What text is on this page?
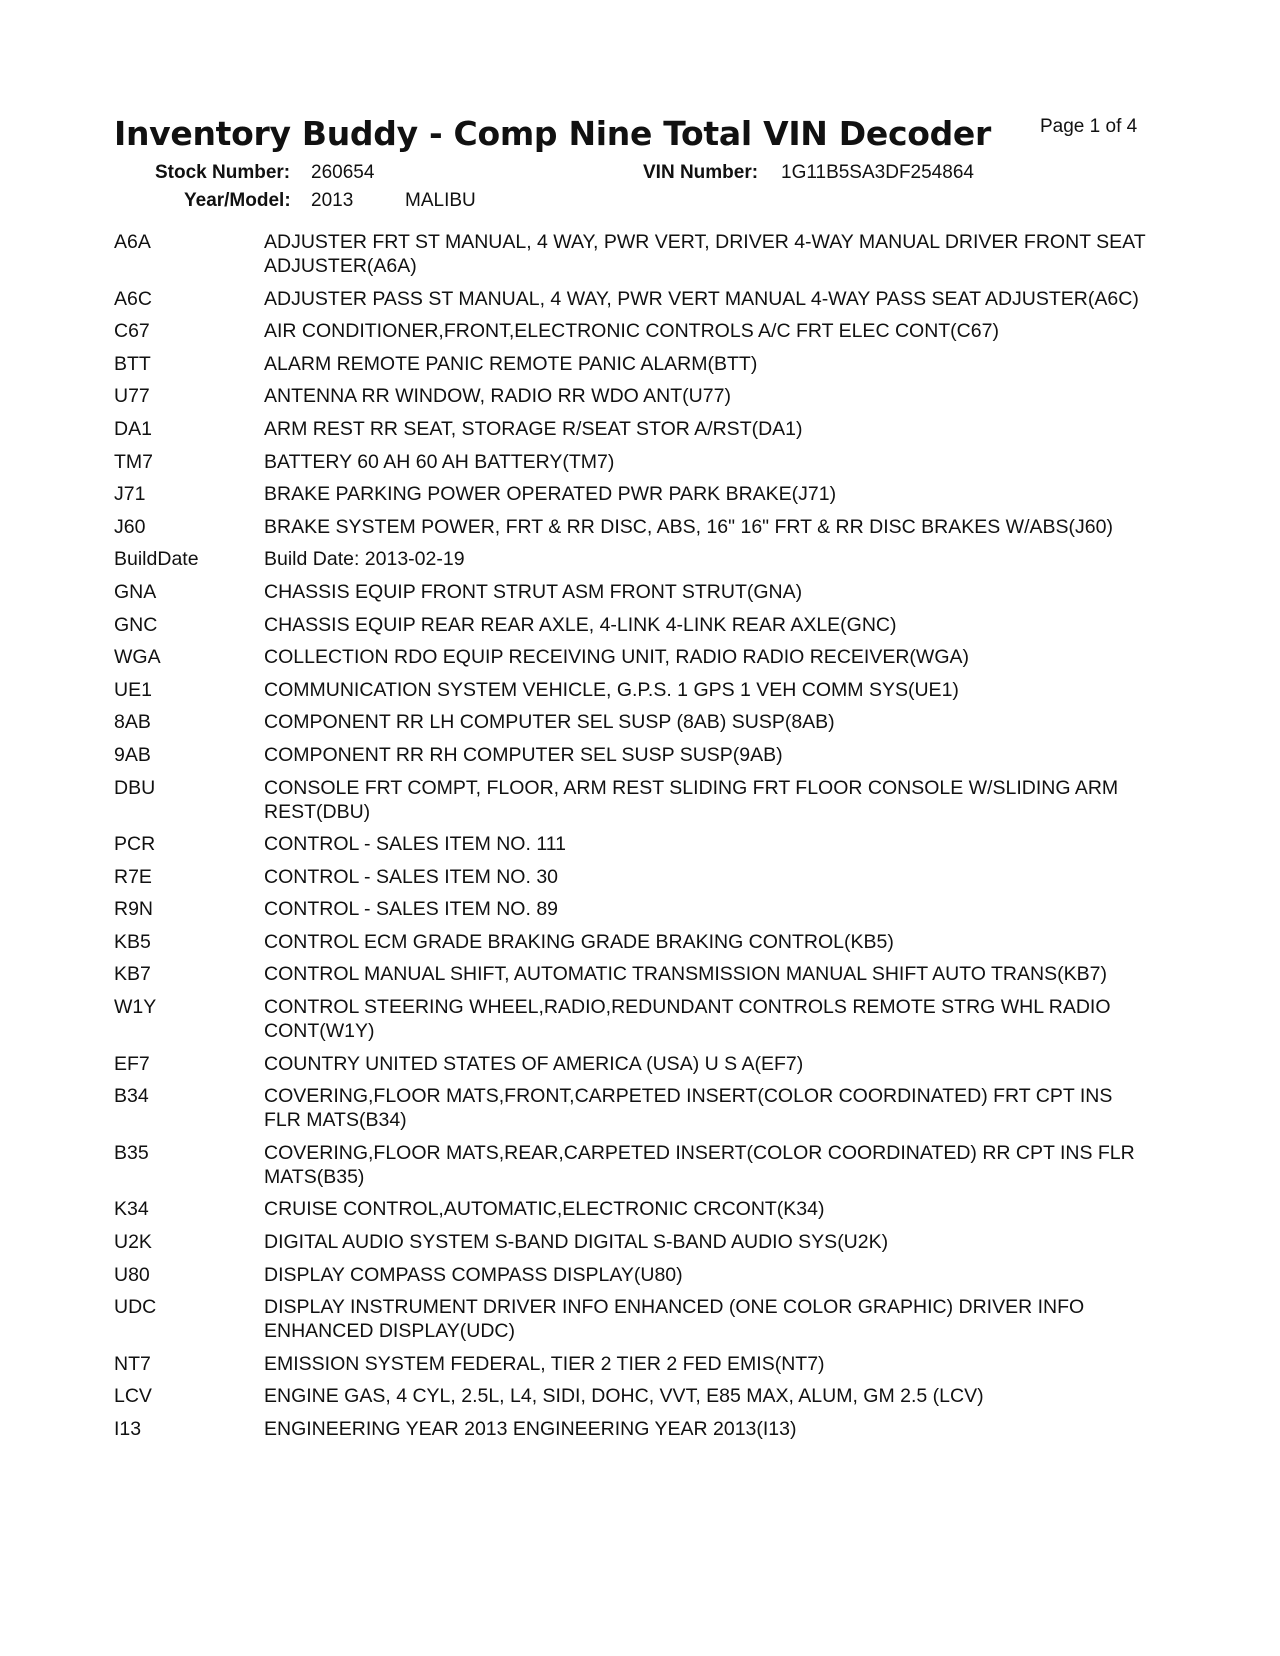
Inventory Buddy - Comp Nine Total VIN Decoder	Page 1 of 4
Stock Number: 260654	VIN Number: 1G11B5SA3DF254864
Year/Model: 2013	MALIBU
A6A	ADJUSTER FRT ST MANUAL, 4 WAY, PWR VERT, DRIVER 4-WAY MANUAL DRIVER FRONT SEAT ADJUSTER(A6A)
A6C	ADJUSTER PASS ST MANUAL, 4 WAY, PWR VERT MANUAL 4-WAY PASS SEAT ADJUSTER(A6C)
C67	AIR CONDITIONER,FRONT,ELECTRONIC CONTROLS A/C FRT ELEC CONT(C67)
BTT	ALARM REMOTE PANIC REMOTE PANIC ALARM(BTT)
U77	ANTENNA RR WINDOW, RADIO RR WDO ANT(U77)
DA1	ARM REST RR SEAT, STORAGE R/SEAT STOR A/RST(DA1)
TM7	BATTERY 60 AH 60 AH BATTERY(TM7)
J71	BRAKE PARKING POWER OPERATED PWR PARK BRAKE(J71)
J60	BRAKE SYSTEM POWER, FRT & RR DISC, ABS, 16" 16" FRT & RR DISC BRAKES W/ABS(J60)
BuildDate	Build Date: 2013-02-19
GNA	CHASSIS EQUIP FRONT STRUT ASM FRONT STRUT(GNA)
GNC	CHASSIS EQUIP REAR REAR AXLE, 4-LINK 4-LINK REAR AXLE(GNC)
WGA	COLLECTION RDO EQUIP RECEIVING UNIT, RADIO RADIO RECEIVER(WGA)
UE1	COMMUNICATION SYSTEM VEHICLE, G.P.S. 1 GPS 1 VEH COMM SYS(UE1)
8AB	COMPONENT RR LH COMPUTER SEL SUSP (8AB) SUSP(8AB)
9AB	COMPONENT RR RH COMPUTER SEL SUSP SUSP(9AB)
DBU	CONSOLE FRT COMPT, FLOOR, ARM REST SLIDING FRT FLOOR CONSOLE W/SLIDING ARM REST(DBU)
PCR	CONTROL - SALES ITEM NO. 111
R7E	CONTROL - SALES ITEM NO. 30
R9N	CONTROL - SALES ITEM NO. 89
KB5	CONTROL ECM GRADE BRAKING GRADE BRAKING CONTROL(KB5)
KB7	CONTROL MANUAL SHIFT, AUTOMATIC TRANSMISSION MANUAL SHIFT AUTO TRANS(KB7)
W1Y	CONTROL STEERING WHEEL,RADIO,REDUNDANT CONTROLS REMOTE STRG WHL RADIO CONT(W1Y)
EF7	COUNTRY UNITED STATES OF AMERICA (USA) U S A(EF7)
B34	COVERING,FLOOR MATS,FRONT,CARPETED INSERT(COLOR COORDINATED) FRT CPT INS FLR MATS(B34)
B35	COVERING,FLOOR MATS,REAR,CARPETED INSERT(COLOR COORDINATED) RR CPT INS FLR MATS(B35)
K34	CRUISE CONTROL,AUTOMATIC,ELECTRONIC CRCONT(K34)
U2K	DIGITAL AUDIO SYSTEM S-BAND DIGITAL S-BAND AUDIO SYS(U2K)
U80	DISPLAY COMPASS COMPASS DISPLAY(U80)
UDC	DISPLAY INSTRUMENT DRIVER INFO ENHANCED (ONE COLOR GRAPHIC) DRIVER INFO ENHANCED DISPLAY(UDC)
NT7	EMISSION SYSTEM FEDERAL, TIER 2 TIER 2 FED EMIS(NT7)
LCV	ENGINE GAS, 4 CYL, 2.5L, L4, SIDI, DOHC, VVT, E85 MAX, ALUM, GM 2.5 (LCV)
I13	ENGINEERING YEAR 2013 ENGINEERING YEAR 2013(I13)
